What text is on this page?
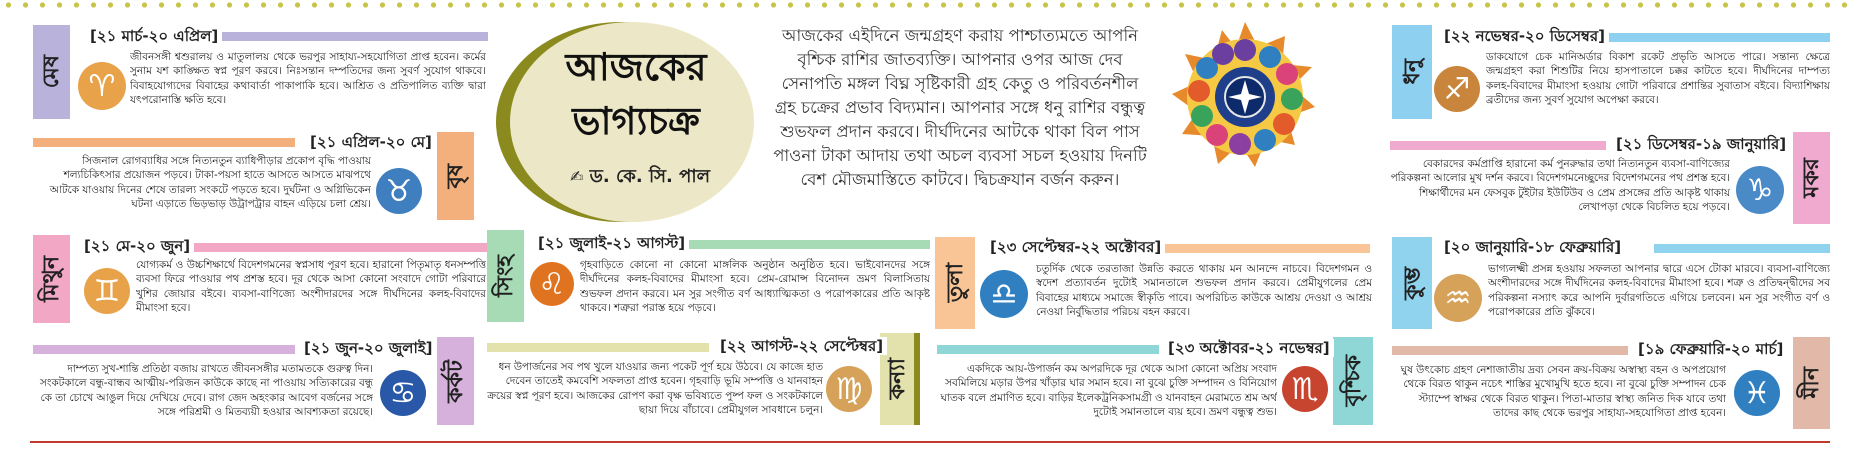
আজকের
ভাগ্যচক্র
✍ ড. কে. সি. পাল
আজকের এইদিনে জন্মগ্রহণ করায় পাশ্চাত্যমতে আপনি বৃশ্চিক রাশির জাতব্যক্তি। আপনার ওপর আজ দেব সেনাপতি মঙ্গল বিঘ্ন সৃষ্টিকারী গ্রহ কেতু ও পরিবর্তনশীল গ্রহ চক্রের প্রভাব বিদ্যমান। আপনার সঙ্গে ধনু রাশির বন্ধুত্ব শুভফল প্রদান করবে। দীর্ঘদিনের আটকে থাকা বিল পাস পাওনা টাকা আদায় তথা অচল ব্যবসা সচল হওয়ায় দিনটি বেশ মৌজমাস্তিতে কাটবে। দ্বিচক্রযান বর্জন করুন।
মেষ
[২১ মার্চ-২০ এপ্রিল]
♈
জীবনসঙ্গী শ্বশুরালয় ও মাতুলালয় থেকে ভরপুর সাহায্য-সহযোগিতা প্রাপ্ত হবেন। কর্মের সুনাম যশ কাঙ্ক্ষিত স্বপ্ন পূরণ করবে। নিঃসন্তান দম্পতিদের জন্য সুবর্ণ সুযোগ থাকবে। বিবাহযোগ্যদের বিবাহের কথাবার্তা পাকাপাকি হবে। আশ্রিত ও প্রতিপালিত ব্যক্তি দ্বারা যৎপরোনাস্তি ক্ষতি হবে।
বৃষ
[২১ এপ্রিল-২০ মে]
♉
সিজনাল রোগব্যাধির সঙ্গে নিত্যনতুন ব্যাধিপীড়ার প্রকোপ বৃদ্ধি পাওয়ায় শল্যচিকিৎসার প্রয়োজন পড়বে। টাকা-পয়সা হাতে আসতে আসতে মাঝপথে আটকে যাওয়ায় দিনের শেষে তারল্য সংকটে পড়তে হবে। দুর্ঘটনা ও অগ্নিভিকেন ঘটনা এড়াতে ভিড়ভাড় উট্রাপট্রার বাহন এড়িয়ে চলা শ্রেয়।
মিথুন
[২১ মে-২০ জুন]
♊
যোগ্যকর্ম ও উচ্চশিক্ষার্থে বিদেশগমনের স্বপ্নসাধ পূরণ হবে। হারানো পিতৃমাতৃ ধনসম্পত্তি ব্যবসা ফিরে পাওয়ার পথ প্রশস্ত হবে। দূর থেকে আসা কোনো সংবাদে গোটা পরিবারে খুশির জোয়ার বইবে। ব্যবসা-বাণিজ্যে অংশীদারদের সঙ্গে দীর্ঘদিনের কলহ-বিবাদের মীমাংসা হবে।
কর্কট
[২১ জুন-২০ জুলাই]
♋
দাম্পত্য সুখ-শান্তি প্রতিষ্ঠা বজায় রাখতে জীবনসঙ্গীর মতামতকে গুরুত্ব দিন। সংকটকালে বন্ধু-বান্ধব আত্মীয়-পরিজন কাউকে কাছে না পাওয়ায় সত্যিকারের বন্ধু কে তা চোখে আঙুল দিয়ে দেখিয়ে দেবে। রাগ জেদ অহংকার আবেগ বর্জনের সঙ্গে সঙ্গে পরিশ্রমী ও মিতব্যয়ী হওয়ার আবশ্যকতা রয়েছে।
সিংহ
[২১ জুলাই-২১ আগস্ট]
♌
গৃহবাড়িতে কোনো না কোনো মাঙ্গলিক অনুষ্ঠান অনুষ্ঠিত হবে। ভাইবোনদের সঙ্গে দীর্ঘদিনের কলহ-বিবাদের মীমাংসা হবে। প্রেম-রোমান্স বিনোদন ভ্রমণ বিলাসিতায় শুভফল প্রদান করবে। মন সুর সংগীত বর্ণ আধ্যাত্মিকতা ও পরোপকারের প্রতি আকৃষ্ট থাকবে। শত্রুরা পরাস্ত হয়ে পড়বে।
কন্যা
[২২ আগস্ট-২২ সেপ্টেম্বর]
♍
ধন উপার্জনের সব পথ খুলে যাওয়ার জন্য পকেট পূর্ণ হয়ে উঠবে। যে কাজে হাত দেবেন তাতেই কমবেশি সফলতা প্রাপ্ত হবেন। গৃহবাড়ি ভূমি সম্পত্তি ও যানবাহন ক্রয়ের স্বপ্ন পূরণ হবে। আজকের রোপণ করা বৃক্ষ ভবিষ্যতে পুষ্প ফল ও সংকটকালে ছায়া দিয়ে বাঁচাবে। প্রেমীযুগল সাবধানে চলুন।
তুলা
[২৩ সেপ্টেম্বর-২২ অক্টোবর]
♎
চতুর্দিক থেকে তরতাজা উন্নতি করতে থাকায় মন আনন্দে নাচবে। বিদেশগমন ও স্বদেশ প্রত্যাবর্তন দুটোই সমানতালে শুভফল প্রদান করবে। প্রেমীযুগলের প্রেম বিবাহের মাধ্যমে সমাজে স্বীকৃতি পাবে। অপরিচিত কাউকে আশ্রয় দেওয়া ও আশ্রয় নেওয়া নির্বুদ্ধিতার পরিচয় বহন করবে।
বৃশ্চিক
[২৩ অক্টোবর-২১ নভেম্বর]
♏
একদিকে আয়-উপার্জন কম অপরদিকে দূর থেকে আসা কোনো অপ্রিয় সংবাদ সবমিলিয়ে মড়ার উপর খাঁড়ার ঘার সমান হবে। না বুঝে চুক্তি সম্পাদন ও বিনিয়োগ ঘাতক বলে প্রমাণিত হবে। বাড়ির ইলেকট্রনিকসামগ্রী ও যানবাহন মেরামতে শ্রম অর্থ দুটোই সমানতালে ব্যয় হবে। ভ্রমণ বন্ধুত্ব শুভ।
ধনু
[২২ নভেম্বর-২০ ডিসেম্বর]
♐
ডাকযোগে চেক মানিঅর্ডার বিকাশ রকেট প্রভৃতি আসতে পারে। সন্তান্য ক্ষেত্রে জন্মগ্রহণ করা শিশুটির নিয়ে হাসপাতালে চক্কর কাটতে হবে। দীর্ঘদিনের দাম্পত্য কলহ-বিবাদের মীমাংসা হওয়ায় গোটা পরিবারে প্রশান্তির সুবাতাস বইবে। বিদ্যাশিক্ষায় ব্রতীদের জন্য সুবর্ণ সুযোগ অপেক্ষা করবে।
মকর
[২১ ডিসেম্বর-১৯ জানুয়ারি]
♑
বেকারদের কর্মপ্রাপ্তি হারানো কর্ম পুনরুদ্ধার তথা নিত্যনতুন ব্যবসা-বাণিজ্যের পরিকল্পনা আলোর মুখ দর্শন করবে। বিদেশগমনেচ্ছুদের বিদেশগমনের পথ প্রশস্ত হবে। শিক্ষার্থীদের মন ফেসবুক টুইটার ইউটিউব ও প্রেম প্রসঙ্গের প্রতি আকৃষ্ট থাকায় লেখাপড়া থেকে বিচলিত হয়ে পড়বে।
কুম্ভ
[২০ জানুয়ারি-১৮ ফেব্রুয়ারি]
♒
ভাগ্যলক্ষ্মী প্রসন্ন হওয়ায় সফলতা আপনার দ্বারে এসে টোকা মারবে। ব্যবসা-বাণিজ্যে অংশীদারদের সঙ্গে দীর্ঘদিনের কলহ-বিবাদের মীমাংসা হবে। শত্রু ও প্রতিদ্বন্দ্বীদের সব পরিকল্পনা নস্যাৎ করে আপনি দুর্বারগতিতে এগিয়ে চলবেন। মন সুর সংগীত বর্ণ ও পরোপকারের প্রতি ঝুঁকবে।
মীন
[১৯ ফেব্রুয়ারি-২০ মার্চ]
♓
ঘুষ উৎকোচ গ্রহণ নেশাজাতীয় দ্রব্য সেবন ক্রয়-বিক্রয় অস্বাস্থ্য বহন ও অপপ্রয়োগ থেকে বিরত থাকুন নচেৎ শাস্তির মুখোমুখি হতে হবে। না বুঝে চুক্তি সম্পাদন চেক স্ট্যাম্পে স্বাক্ষর থেকে বিরত থাকুন। পিতা-মাতার স্বাস্থ্য জনিত দিক যাবে তথা তাদের কাছ থেকে ভরপুর সাহায্য-সহযোগিতা প্রাপ্ত হবেন।
